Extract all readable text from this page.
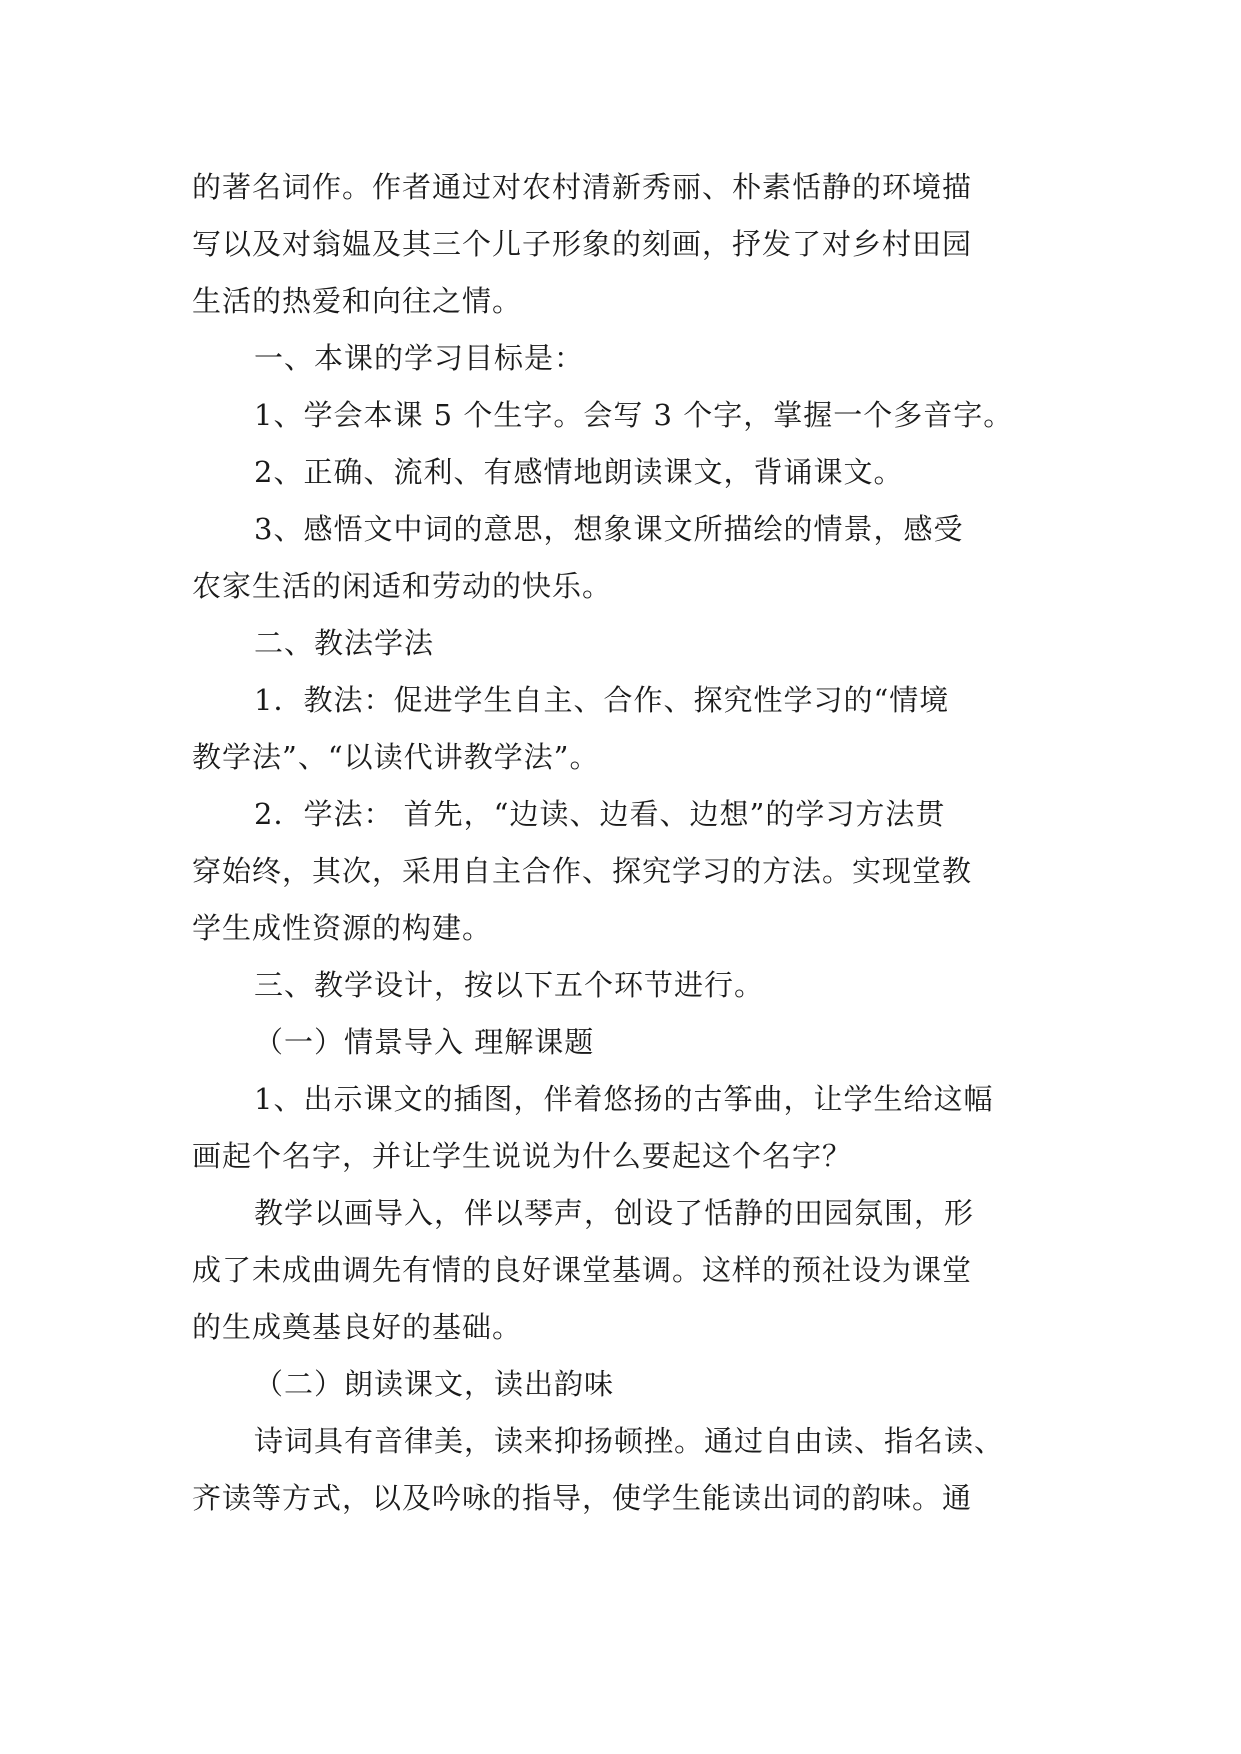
的著名词作。作者通过对农村清新秀丽、朴素恬静的环境描
写以及对翁媪及其三个儿子形象的刻画，抒发了对乡村田园
生活的热爱和向往之情。
一、本课的学习目标是：
1、学会本课 5 个生字。会写 3 个字，掌握一个多音字。
2、正确、流利、有感情地朗读课文，背诵课文。
3、感悟文中词的意思，想象课文所描绘的情景，感受
农家生活的闲适和劳动的快乐。
二、教法学法
1．教法：促进学生自主、合作、探究性学习的“情境
教学法”、“以读代讲教学法”。
2．学法： 首先，“边读、边看、边想”的学习方法贯
穿始终，其次，采用自主合作、探究学习的方法。实现堂教
学生成性资源的构建。
三、教学设计，按以下五个环节进行。
（一）情景导入 理解课题
1、出示课文的插图，伴着悠扬的古筝曲，让学生给这幅
画起个名字，并让学生说说为什么要起这个名字？
教学以画导入，伴以琴声，创设了恬静的田园氛围，形
成了未成曲调先有情的良好课堂基调。这样的预社设为课堂
的生成奠基良好的基础。
（二）朗读课文，读出韵味
诗词具有音律美，读来抑扬顿挫。通过自由读、指名读、
齐读等方式，以及吟咏的指导，使学生能读出词的韵味。通
